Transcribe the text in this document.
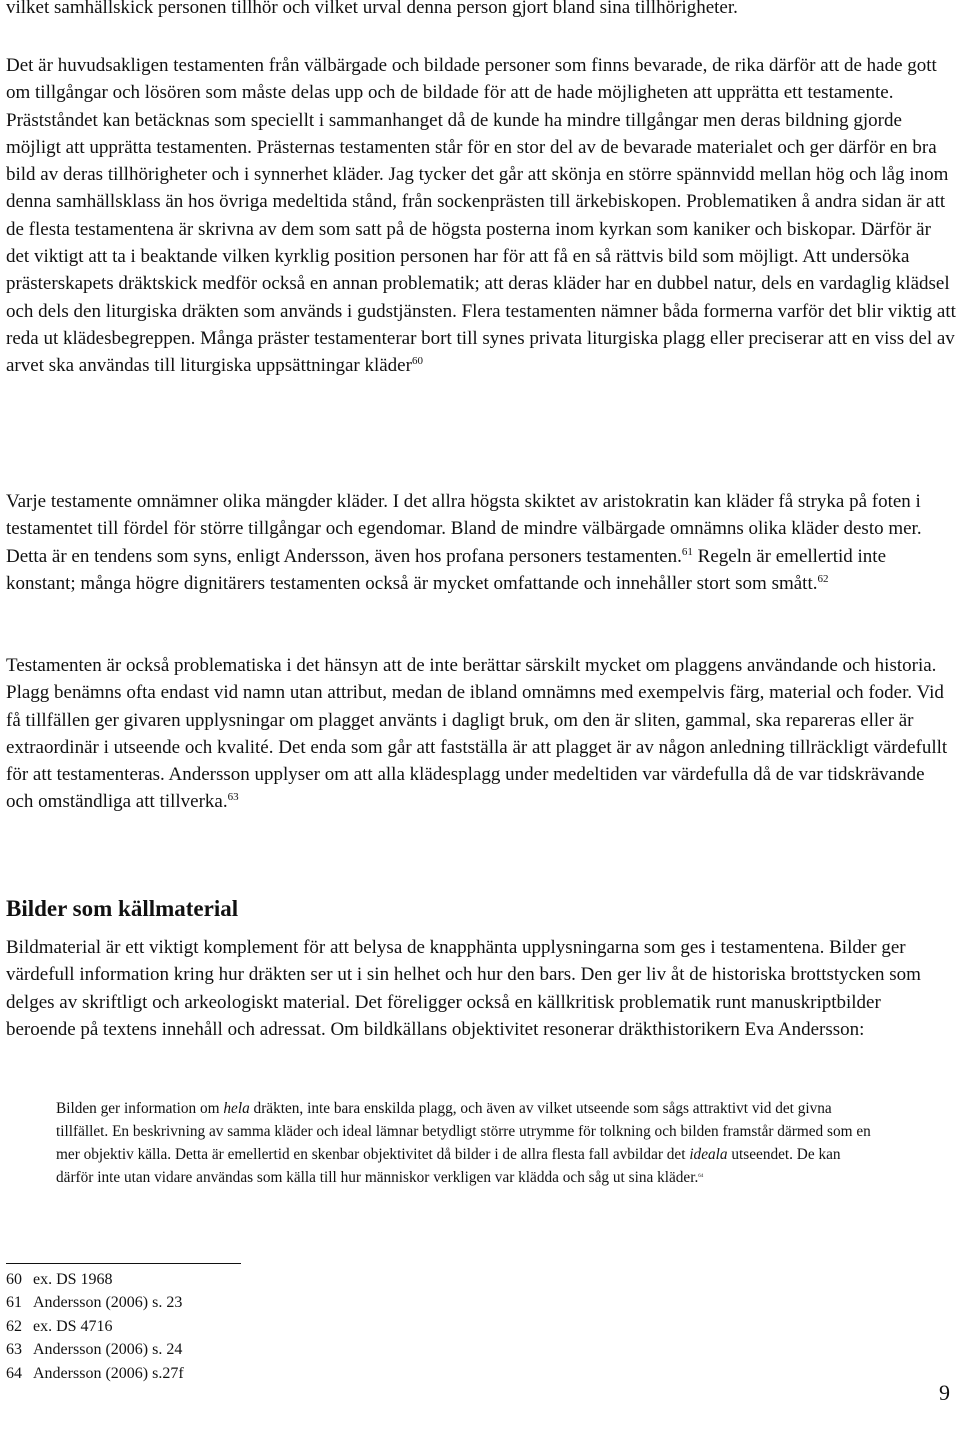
vilket samhällskick personen tillhör och vilket urval denna person gjort bland sina tillhörigheter.

Det är huvudsakligen testamenten från välbärgade och bildade personer som finns bevarade, de rika därför att de hade gott om tillgångar och lösören som måste delas upp och de bildade för att de hade möjligheten att upprätta ett testamente. Prästståndet kan betäcknas som speciellt i sammanhanget då de kunde ha mindre tillgångar men deras bildning gjorde möjligt att upprätta testamenten. Prästernas testamenten står för en stor del av de bevarade materialet och ger därför en bra bild av deras tillhörigheter och i synnerhet kläder. Jag tycker det går att skönja en större spännvidd mellan hög och låg inom denna samhällsklass än hos övriga medeltida stånd, från sockenprästen till ärkebiskopen. Problematiken å andra sidan är att de flesta testamentena är skrivna av dem som satt på de högsta posterna inom kyrkan som kaniker och biskopar. Därför är det viktigt att ta i beaktande vilken kyrklig position personen har för att få en så rättvis bild som möjligt. Att undersöka prästerskapets dräktskick medför också en annan problematik; att deras kläder har en dubbel natur, dels en vardaglig klädsel och dels den liturgiska dräkten som används i gudstjänsten. Flera testamenten nämner båda formerna varför det blir viktig att reda ut klädesbegreppen. Många präster testamenterar bort till synes privata liturgiska plagg eller preciserar att en viss del av arvet ska användas till liturgiska uppsättningar kläder$^{60}$

Varje testamente omnämner olika mängder kläder. I det allra högsta skiktet av aristokratin kan kläder få stryka på foten i testamentet till fördel för större tillgångar och egendomar. Bland de mindre välbärgade omnämns olika kläder desto mer. Detta är en tendens som syns, enligt Andersson, även hos profana personers testamenten.$^{61}$ Regeln är emellertid inte konstant; många högre dignitärers testamenten också är mycket omfattande och innehåller stort som smått.$^{62}$

Testamenten är också problematiska i det hänsyn att de inte berättar särskilt mycket om plaggens användande och historia. Plagg benämns ofta endast vid namn utan attribut, medan de ibland omnämns med exempelvis färg, material och foder. Vid få tillfällen ger givaren upplysningar om plagget använts i dagligt bruk, om den är sliten, gammal, ska repareras eller är extraordinär i utseende och kvalité. Det enda som går att fastställa är att plagget är av någon anledning tillräckligt värdefullt för att testamenteras. Andersson upplyser om att alla klädesplagg under medeltiden var värdefulla då de var tidskrävande och omständliga att tillverka.$^{63}$

Bilder som källmaterial

Bildmaterial är ett viktigt komplement för att belysa de knapphänta upplysningarna som ges i testamentena. Bilder ger värdefull information kring hur dräkten ser ut i sin helhet och hur den bars. Den ger liv åt de historiska brottstycken som delges av skriftligt och arkeologiskt material. Det föreligger också en källkritisk problematik runt manuskriptbilder beroende på textens innehåll och adressat. Om bildkällans objektivitet resonerar dräkthistorikern Eva Andersson:

Bilden ger information om hela dräkten, inte bara enskilda plagg, och även av vilket utseende som sågs attraktivt vid det givna tillfället. En beskrivning av samma kläder och ideal lämnar betydligt större utrymme för tolkning och bilden framstår därmed som en mer objektiv källa. Detta är emellertid en skenbar objektivitet då bilder i de allra flesta fall avbildar det ideala utseendet. De kan därför inte utan vidare användas som källa till hur människor verkligen var klädda och såg ut sina kläder.$^{64}$

60 ex. DS 1968
61 Andersson (2006) s. 23
62 ex. DS 4716
63 Andersson (2006) s. 24
64 Andersson (2006) s.27f
9
